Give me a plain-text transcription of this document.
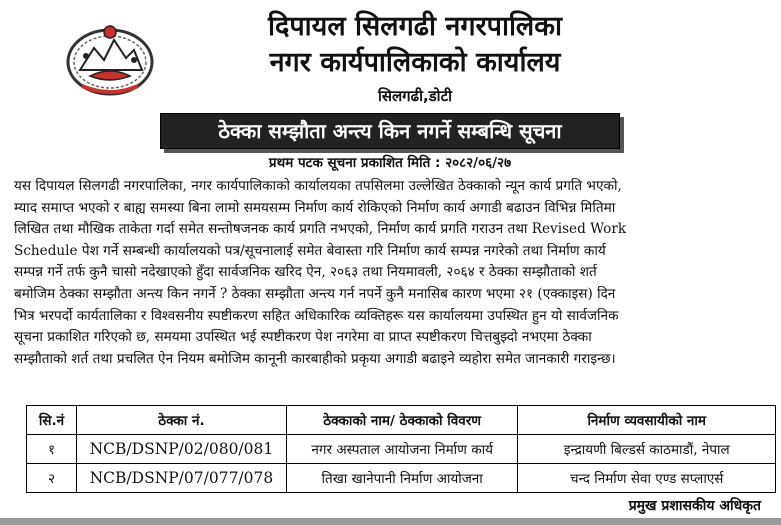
दिपायल सिलगढी नगरपालिका
नगर कार्यपालिकाको कार्यालय
सिलगढी,डोटी
ठेक्का सम्झौता अन्त्य किन नगर्ने सम्बन्धि सूचना
प्रथम पटक सूचना प्रकाशित मिति : २०८२/०६/२७
यस दिपायल सिलगढी नगरपालिका, नगर कार्यपालिकाको कार्यालयका तपसिलमा उल्लेखित ठेक्काको न्यून कार्य प्रगति भएको,
म्याद समाप्त भएको र बाह्य समस्या बिना लामो समयसम्म निर्माण कार्य रोकिएको निर्माण कार्य अगाडी बढाउन विभिन्न मितिमा
लिखित तथा मौखिक ताकेता गर्दा समेत सन्तोषजनक कार्य प्रगति नभएको, निर्माण कार्य प्रगति गराउन तथा Revised Work
Schedule पेश गर्ने सम्बन्धी कार्यालयको पत्र/सूचनालाई समेत बेवास्ता गरि निर्माण कार्य सम्पन्न नगरेको तथा निर्माण कार्य
सम्पन्न गर्ने तर्फ कुनै चासो नदेखाएको हुँदा सार्वजनिक खरिद ऐन, २०६३ तथा नियमावली, २०६४ र ठेक्का सम्झौताको शर्त
बमोजिम ठेक्का सम्झौता अन्त्य किन नगर्ने ? ठेक्का सम्झौता अन्त्य गर्न नपर्ने कुनै मनासिब कारण भएमा २१ (एक्काइस) दिन
भित्र भरपर्दो कार्यतालिका र विश्वसनीय स्पष्टीकरण सहित अधिकारिक व्यक्तिहरू यस कार्यालयमा उपस्थित हुन यो सार्वजनिक
सूचना प्रकाशित गरिएको छ, समयमा उपस्थित भई स्पष्टीकरण पेश नगरेमा वा प्राप्त स्पष्टीकरण चित्तबुझ्दो नभएमा ठेक्का
सम्झौताको शर्त तथा प्रचलित ऐन नियम बमोजिम कानूनी कारबाहीको प्रकृया अगाडी बढाइने व्यहोरा समेत जानकारी गराइन्छ।
सि.नं	ठेक्का नं.	ठेक्काको नाम/ ठेक्काको विवरण	निर्माण व्यवसायीको नाम
१	NCB/DSNP/02/080/081	नगर अस्पताल आयोजना निर्माण कार्य	इन्द्रायणी बिल्डर्स काठमाडौं, नेपाल
२	NCB/DSNP/07/077/078	तिखा खानेपानी निर्माण आयोजना	चन्द निर्माण सेवा एण्ड सप्लाएर्स
प्रमुख प्रशासकीय अधिकृत
